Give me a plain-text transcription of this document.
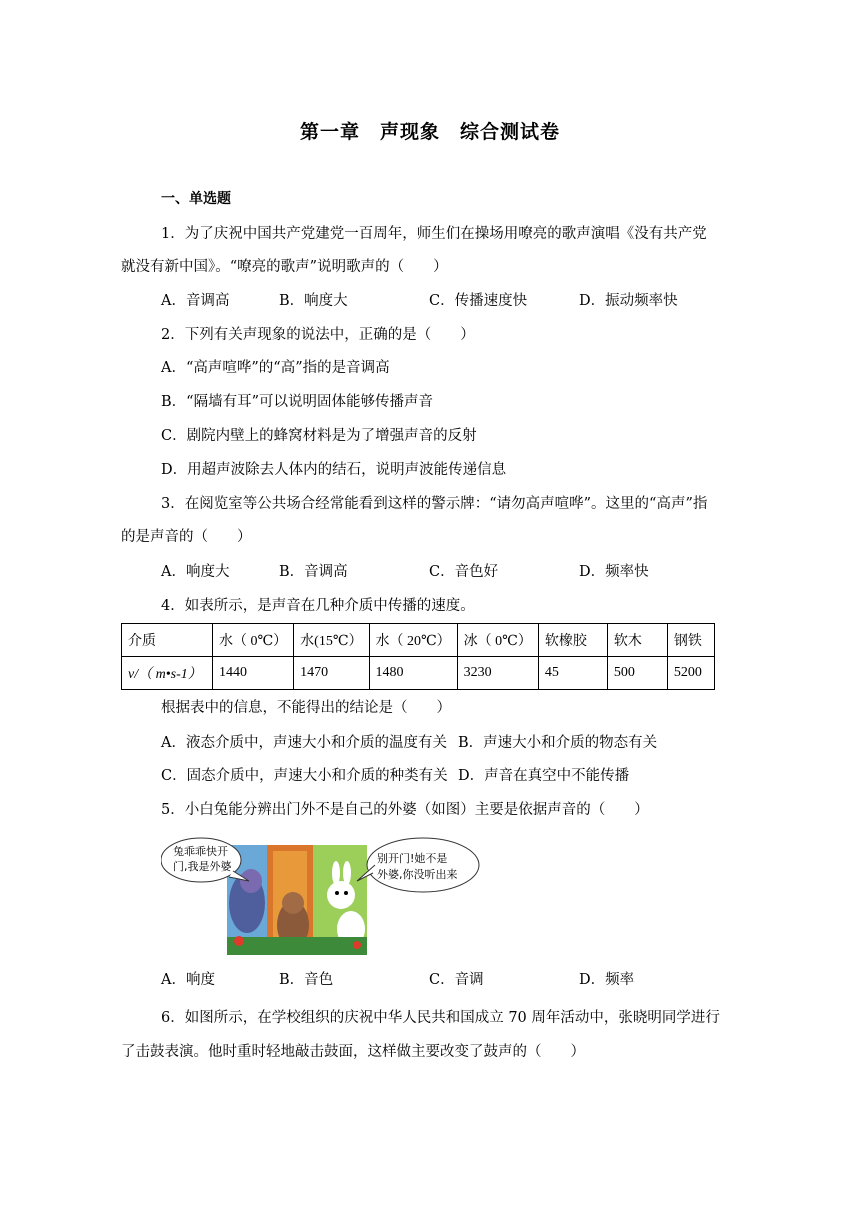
第一章　声现象　综合测试卷
一、单选题
1．为了庆祝中国共产党建党一百周年，师生们在操场用嘹亮的歌声演唱《没有共产党
就没有新中国》。“嘹亮的歌声”说明歌声的（　　）
A．音调高	B．响度大	C．传播速度快	D．振动频率快
2．下列有关声现象的说法中，正确的是（　　）
A．“高声喧哗”的“高”指的是音调高
B．“隔墙有耳”可以说明固体能够传播声音
C．剧院内壁上的蜂窝材料是为了增强声音的反射
D．用超声波除去人体内的结石，说明声波能传递信息
3．在阅览室等公共场合经常能看到这样的警示牌：“请勿高声喧哗”。这里的“高声”指
的是声音的（　　）
A．响度大	B．音调高	C．音色好	D．频率快
4．如表所示，是声音在几种介质中传播的速度。
介质	水（ 0℃）	水(15℃）	水（ 20℃）	冰（ 0℃）	软橡胶	软木	钢铁
v/（ m•s-1）	1440	1470	1480	3230	45	500	5200
根据表中的信息，不能得出的结论是（　　）
A．液态介质中，声速大小和介质的温度有关 B．声速大小和介质的物态有关
C．固态介质中，声速大小和介质的种类有关 D．声音在真空中不能传播
5．小白兔能分辨出门外不是自己的外婆（如图）主要是依据声音的（　　）
兔乖乖快开
门,我是外婆
别开门!她不是
外婆,你没听出来
A．响度	B．音色	C．音调	D．频率
6．如图所示，在学校组织的庆祝中华人民共和国成立 70 周年活动中，张晓明同学进行
了击鼓表演。他时重时轻地敲击鼓面，这样做主要改变了鼓声的（　　）
